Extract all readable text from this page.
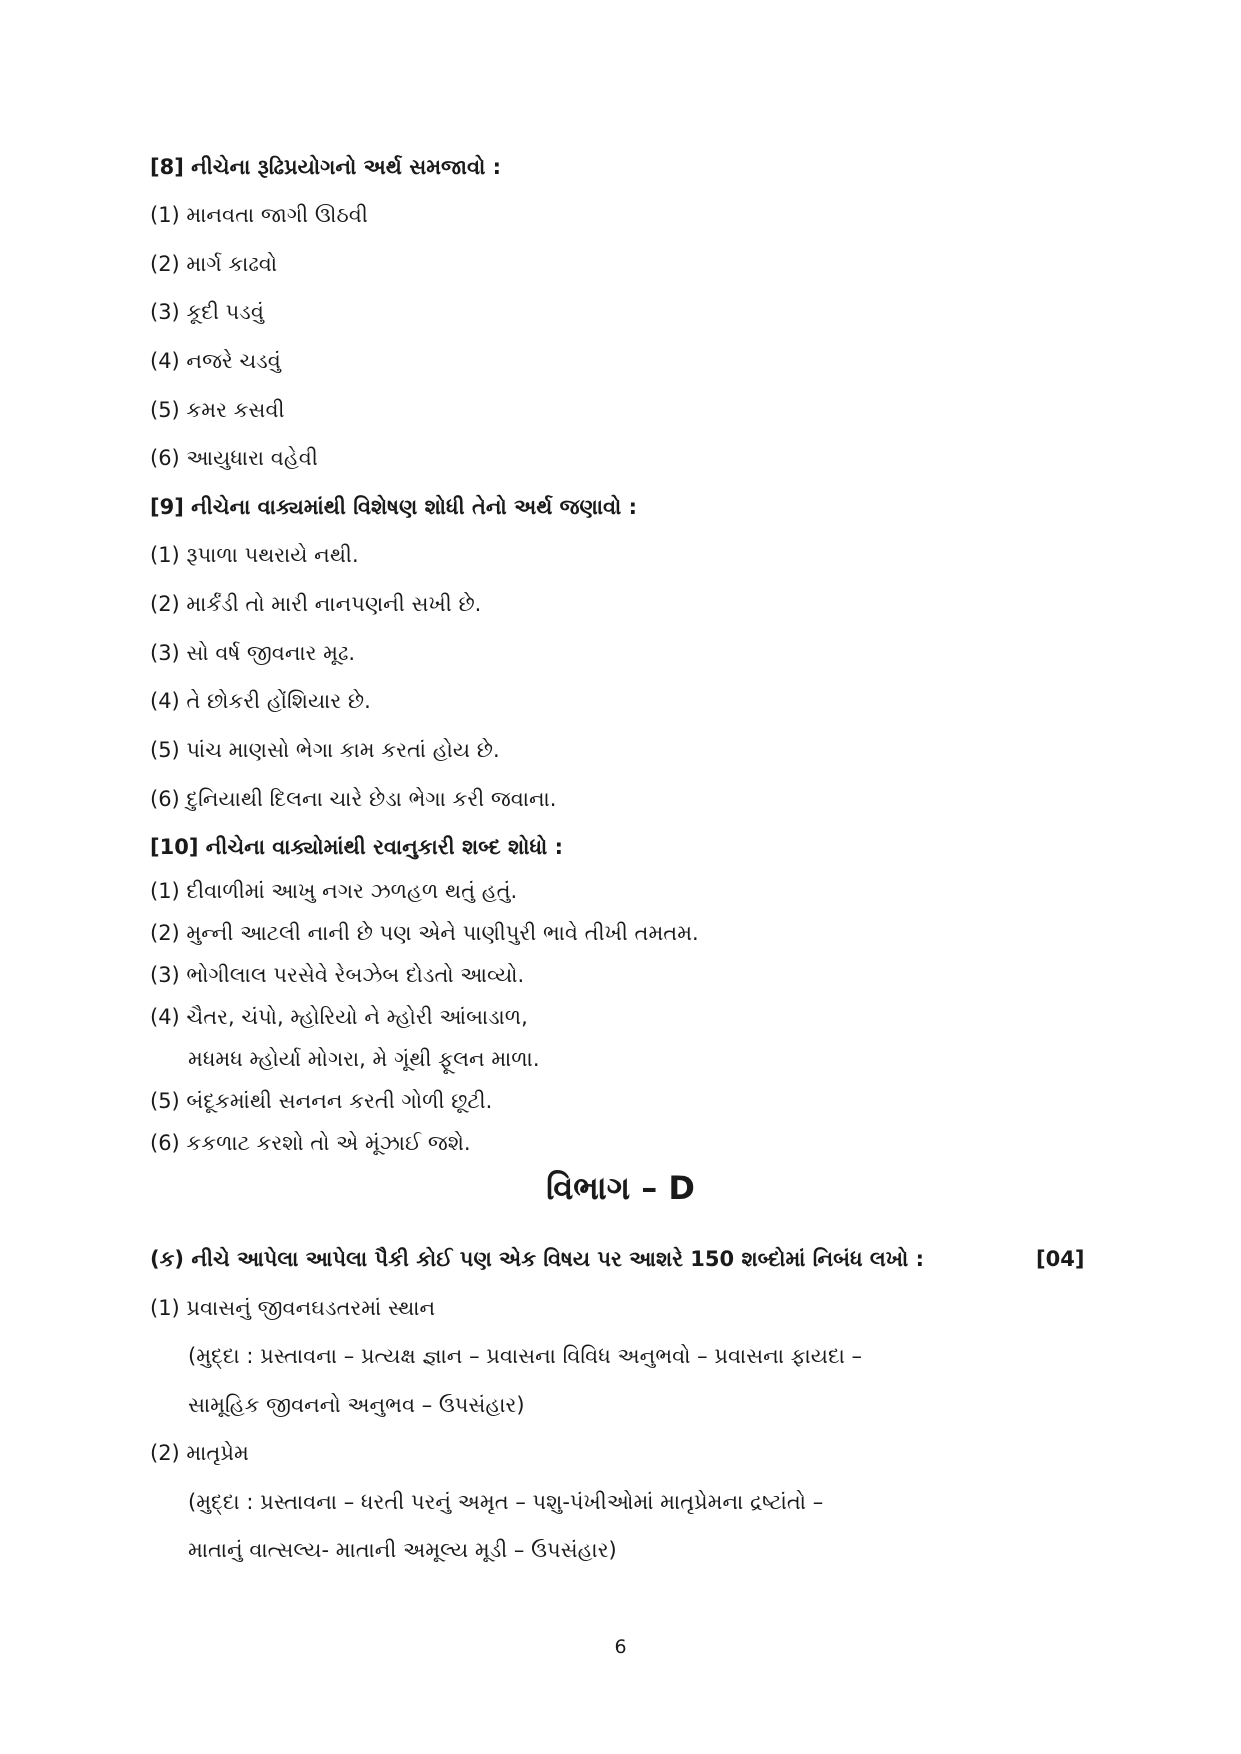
[8] નીચેના રૂઢિપ્રયોગનો અર્થ સમજાવો :
(1) માનવતા જાગી ઊઠવી
(2) માર્ગ કાઢવો
(3) કૂદી પડવું
(4) નજરે ચડવું
(5) કમર કસવી
(6) આયુધારા વહેવી
[9] નીચેના વાક્યમાંથી વિશેષણ શોધી તેનો અર્થ જણાવો :
(1) રૂપાળા પથરાયે નથી.
(2) માર્કંડી તો મારી નાનપણની સખી છે.
(3) સો વર્ષ જીવનાર મૂઢ.
(4) તે છોકરી હોંશિયાર છે.
(5) પાંચ માણસો ભેગા કામ કરતાં હોય છે.
(6) દુનિયાથી દિલના ચારે છેડા ભેગા કરી જવાના.
[10] નીચેના વાક્યોમાંથી રવાનુકારી શબ્દ શોધો :
(1) દીવાળીમાં આખુ નગર ઝળહળ થતું હતું.
(2) મુન્ની આટલી નાની છે પણ એને પાણીપુરી ભાવે તીખી તમતમ.
(3) ભોગીલાલ પરસેવે રેબઝેબ દોડતો આવ્યો.
(4) ચૈતર, ચંપો, મ્હોરિયો ને મ્હોરી આંબાડાળ,
મધમધ મ્હોર્યા મોગરા, મે ગૂંથી ફૂલન માળા.
(5) બંદૂકમાંથી સનનન કરતી ગોળી છૂટી.
(6) કકળાટ કરશો તો એ મૂંઝાઈ જશે.
વિભાગ – D
(ક) નીચે આપેલા આપેલા પૈકી કોઈ પણ એક વિષય પર આશરે 150 શબ્દોમાં નિબંધ લખો :	[04]
(1) પ્રવાસનું જીવનઘડતરમાં સ્થાન
(મુદ્દા : પ્રસ્તાવના – પ્રત્યક્ષ જ્ઞાન – પ્રવાસના વિવિધ અનુભવો – પ્રવાસના ફાયદા –
સામૂહિક જીવનનો અનુભવ – ઉપસંહાર)
(2) માતૃપ્રેમ
(મુદ્દા : પ્રસ્તાવના – ધરતી પરનું અમૃત – પશુ-પંખીઓમાં માતૃપ્રેમના દ્રષ્ટાંતો –
માતાનું વાત્સલ્ય- માતાની અમૂલ્ય મૂડી – ઉપસંહાર)
6
